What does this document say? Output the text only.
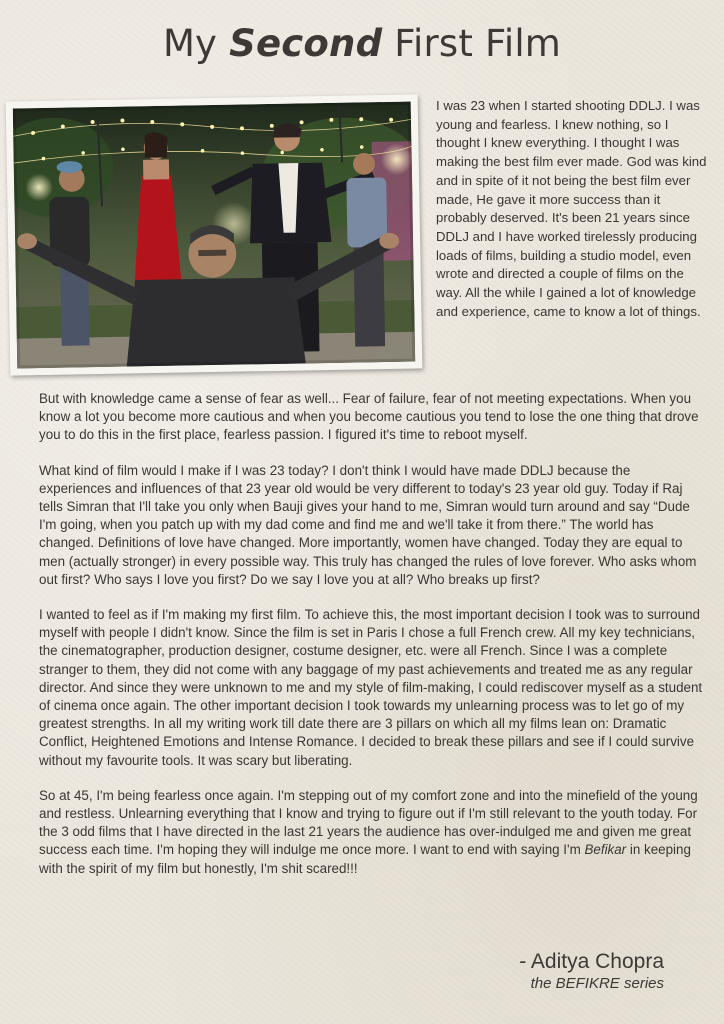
My Second First Film
I was 23 when I started shooting DDLJ. I was young and fearless. I knew nothing, so I thought I knew everything. I thought I was making the best film ever made. God was kind and in spite of it not being the best film ever made, He gave it more success than it probably deserved. It's been 21 years since DDLJ and I have worked tirelessly producing loads of films, building a studio model, even wrote and directed a couple of films on the way. All the while I gained a lot of knowledge and experience, came to know a lot of things.

But with knowledge came a sense of fear as well... Fear of failure, fear of not meeting expectations. When you know a lot you become more cautious and when you become cautious you tend to lose the one thing that drove you to do this in the first place, fearless passion. I figured it's time to reboot myself.

What kind of film would I make if I was 23 today? I don't think I would have made DDLJ because the experiences and influences of that 23 year old would be very different to today's 23 year old guy. Today if Raj tells Simran that I'll take you only when Bauji gives your hand to me, Simran would turn around and say “Dude I'm going, when you patch up with my dad come and find me and we'll take it from there.” The world has changed. Definitions of love have changed. More importantly, women have changed. Today they are equal to men (actually stronger) in every possible way. This truly has changed the rules of love forever. Who asks whom out first? Who says I love you first? Do we say I love you at all? Who breaks up first?

I wanted to feel as if I'm making my first film. To achieve this, the most important decision I took was to surround myself with people I didn't know. Since the film is set in Paris I chose a full French crew. All my key technicians, the cinematographer, production designer, costume designer, etc. were all French. Since I was a complete stranger to them, they did not come with any baggage of my past achievements and treated me as any regular director. And since they were unknown to me and my style of film-making, I could rediscover myself as a student of cinema once again. The other important decision I took towards my unlearning process was to let go of my greatest strengths. In all my writing work till date there are 3 pillars on which all my films lean on: Dramatic Conflict, Heightened Emotions and Intense Romance. I decided to break these pillars and see if I could survive without my favourite tools. It was scary but liberating.

So at 45, I'm being fearless once again. I'm stepping out of my comfort zone and into the minefield of the young and restless. Unlearning everything that I know and trying to figure out if I'm still relevant to the youth today. For the 3 odd films that I have directed in the last 21 years the audience has over-indulged me and given me great success each time. I'm hoping they will indulge me once more. I want to end with saying I'm Befikar in keeping with the spirit of my film but honestly, I'm shit scared!!!

- Aditya Chopra
the BEFIKRE series
